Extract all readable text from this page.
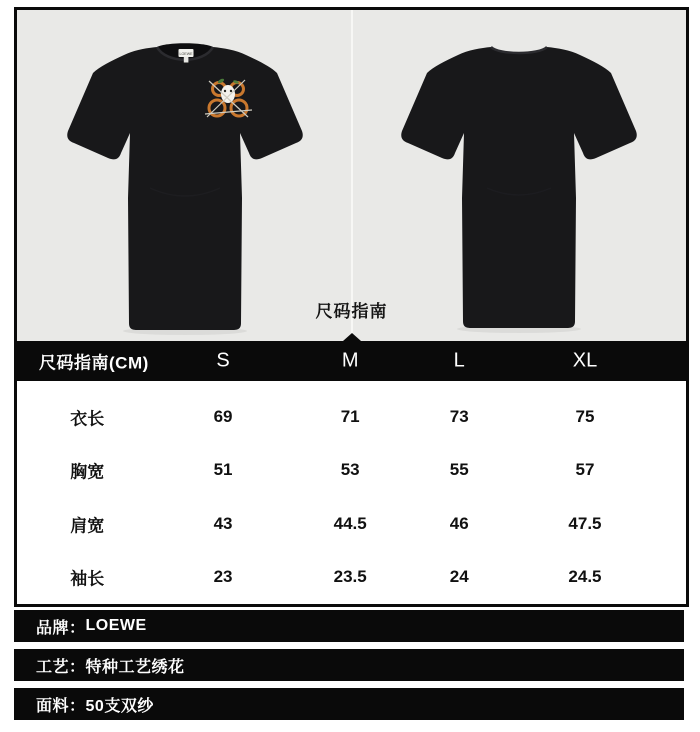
LOEWE
尺码指南
尺码指南(CM)	S	M	L	XL
衣长	69	71	73	75
胸宽	51	53	55	57
肩宽	43	44.5	46	47.5
袖长	23	23.5	24	24.5
品牌： LOEWE
工艺： 特种工艺绣花
面料： 50支双纱
